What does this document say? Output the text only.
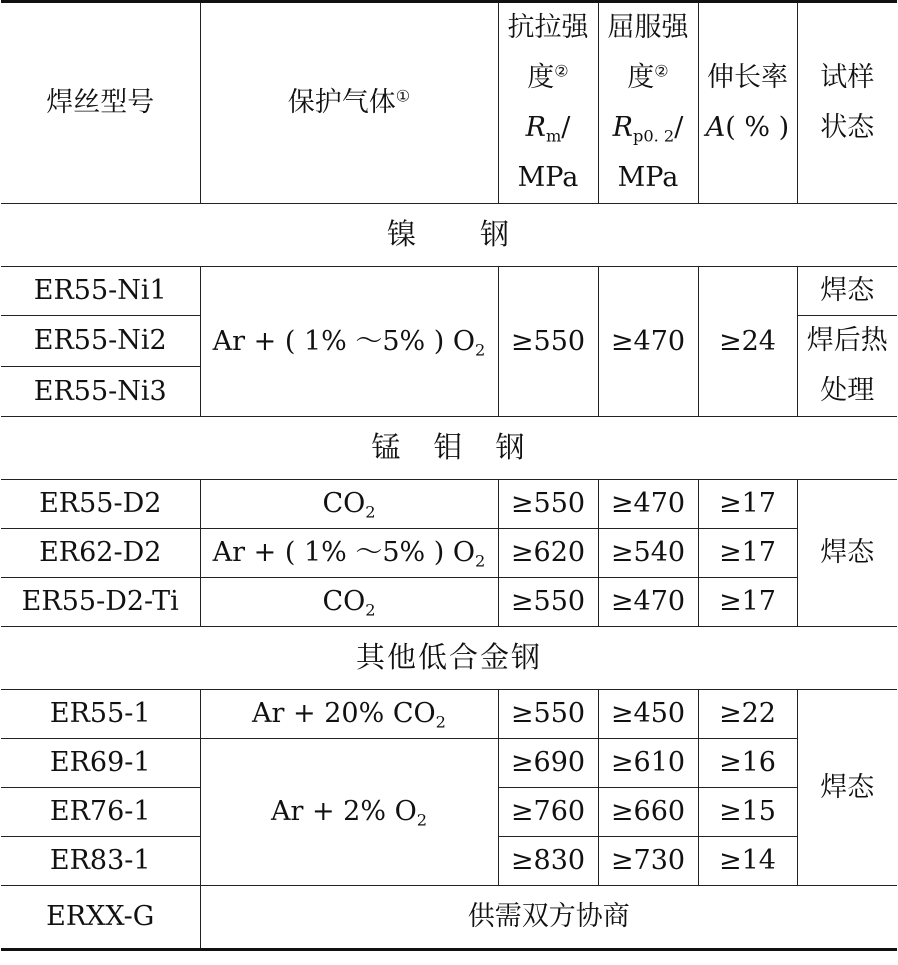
焊丝型号	保护气体①	抗拉强
度②
$R_m/$
MPa	屈服强
度②
$R_{p0. 2}/$
MPa	伸长率
A( % )	试样
状态
镍　　钢					
ER55-Ni1	Ar + ( 1% ～5% ) $O_2$	≥550	≥470	≥24	焊态
ER55-Ni2					焊后热处理
ER55-Ni3					
锰　钼　钢					
ER55-D2	$CO_2$	≥550	≥470	≥17	焊态
ER62-D2	Ar + ( 1% ～5% ) $O_2$	≥620	≥540	≥17	
ER55-D2-Ti	$CO_2$	≥550	≥470	≥17	
其他低合金钢					
ER55-1	Ar + 20% $CO_2$	≥550	≥450	≥22	焊态
ER69-1	Ar + 2% $O_2$	≥690	≥610	≥16	
ER76-1		≥760	≥660	≥15	
ER83-1		≥830	≥730	≥14	
ERXX-G	供需双方协商				
